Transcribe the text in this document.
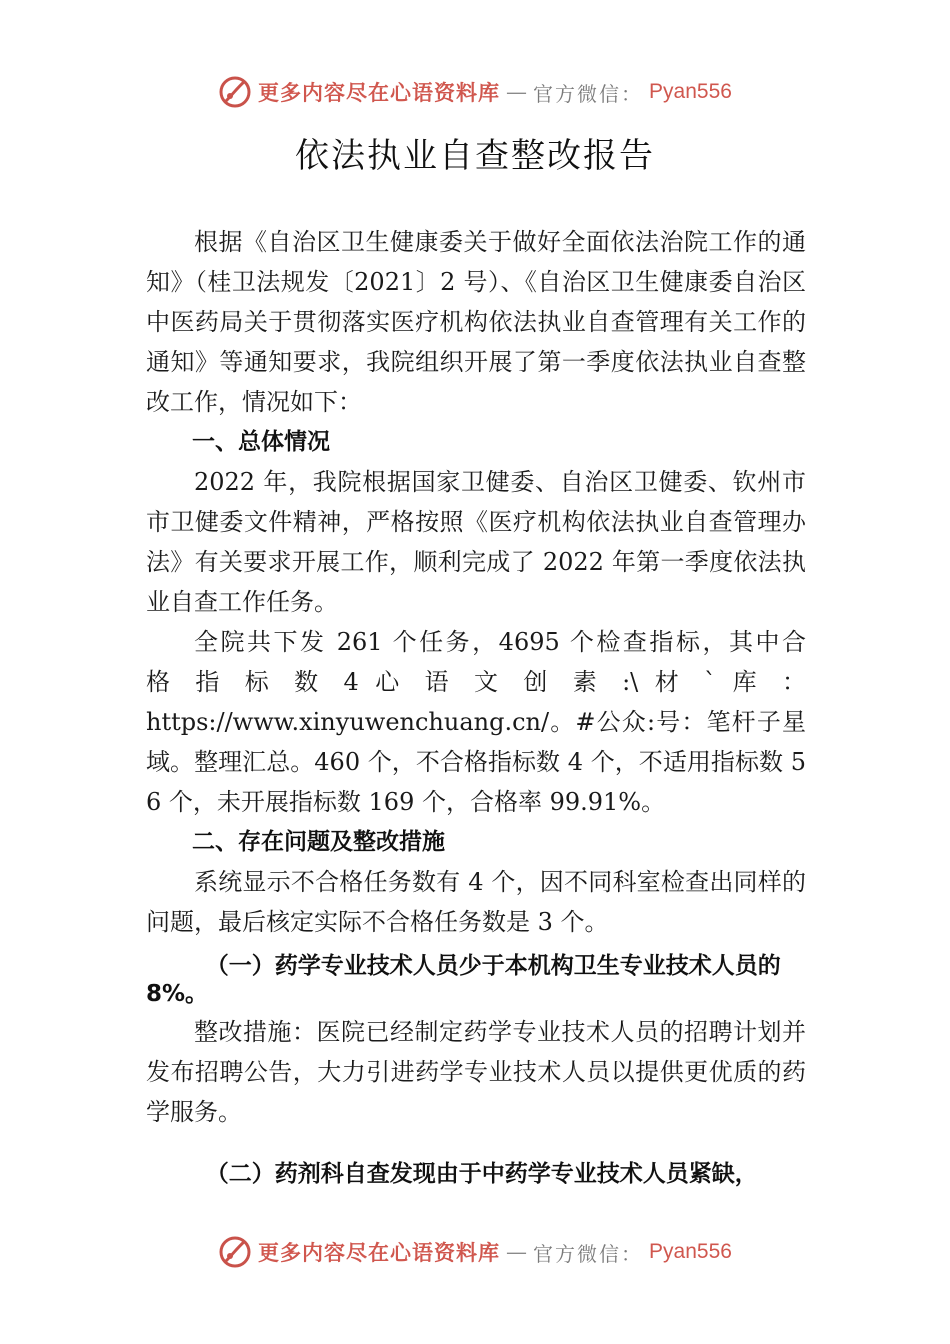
更多内容尽在心语资料库 — 官方微信： Pyan556
依法执业自查整改报告

根据《自治区卫生健康委关于做好全面依法治院工作的通知》（桂卫法规发〔2021〕2 号）、《自治区卫生健康委自治区中医药局关于贯彻落实医疗机构依法执业自查管理有关工作的通知》等通知要求，我院组织开展了第一季度依法执业自查整改工作，情况如下：

一、总体情况

2022 年，我院根据国家卫健委、自治区卫健委、钦州市市卫健委文件精神，严格按照《医疗机构依法执业自查管理办法》有关要求开展工作，顺利完成了 2022 年第一季度依法执业自查工作任务。

全院共下发 261 个任务，4695 个检查指标，其中合

格 指 标 数 4 心 语 文 创 素 :\ 材 ` 库 ：

https://www.xinyuwenchuang.cn/。#公众:号：笔杆子星域。整理汇总。460 个，不合格指标数 4 个，不适用指标数 56 个，未开展指标数 169 个，合格率 99.91%。

二、存在问题及整改措施

系统显示不合格任务数有 4 个，因不同科室检查出同样的问题，最后核定实际不合格任务数是 3 个。

（一）药学专业技术人员少于本机构卫生专业技术人员的 8%。

整改措施：医院已经制定药学专业技术人员的招聘计划并发布招聘公告，大力引进药学专业技术人员以提供更优质的药学服务。

（二）药剂科自查发现由于中药学专业技术人员紧缺，

更多内容尽在心语资料库 — 官方微信： Pyan556
